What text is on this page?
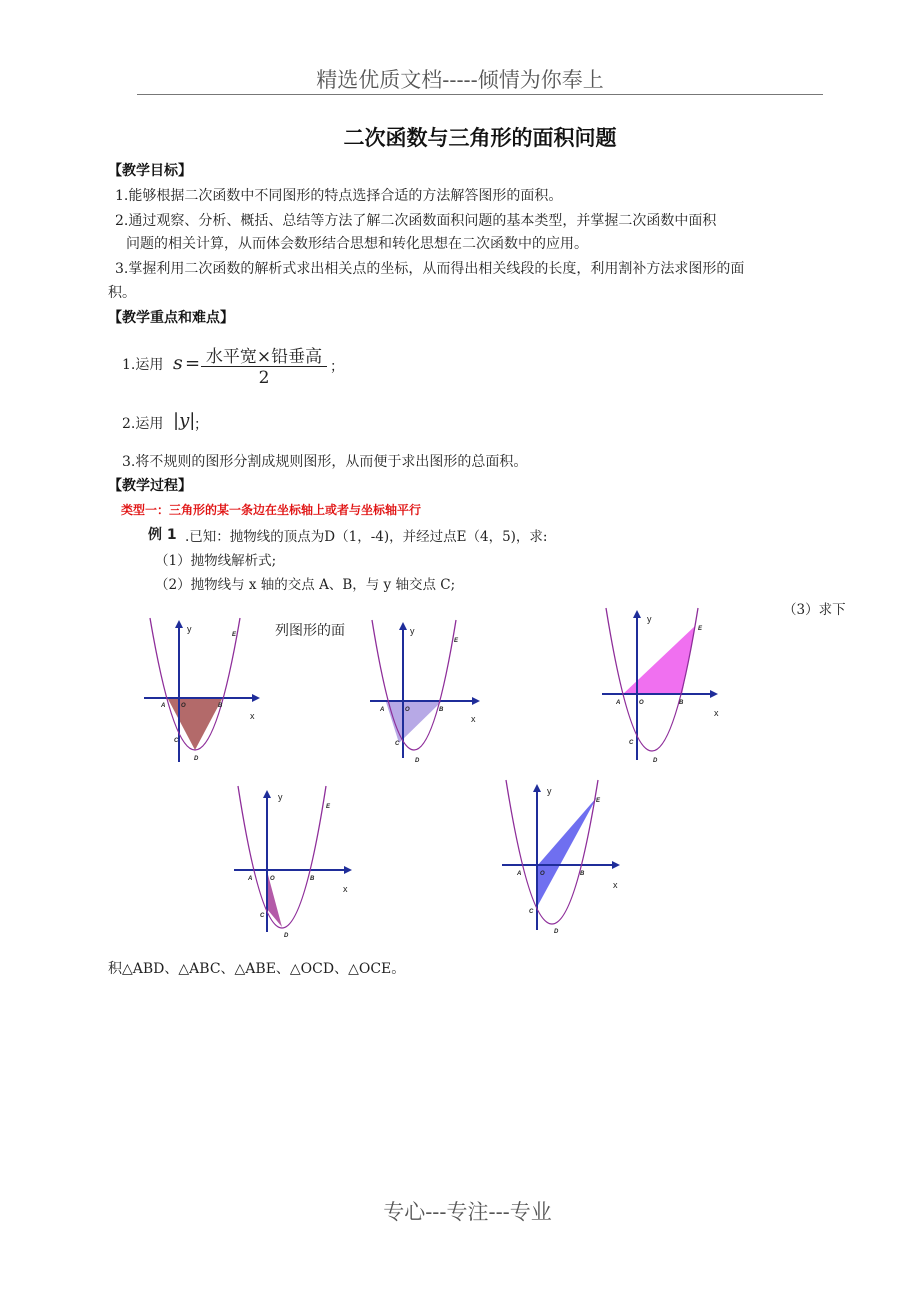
精选优质文档-----倾情为你奉上
二次函数与三角形的面积问题
【教学目标】
1.能够根据二次函数中不同图形的特点选择合适的方法解答图形的面积。
2.通过观察、分析、概括、总结等方法了解二次函数面积问题的基本类型，并掌握二次函数中面积
问题的相关计算，从而体会数形结合思想和转化思想在二次函数中的应用。
3.掌握利用二次函数的解析式求出相关点的坐标，从而得出相关线段的长度，利用割补方法求图形的面
积。
【教学重点和难点】
1.运用 s = 水平宽×铅垂高
2
；
2.运用 |y|
；
3.将不规则的图形分割成规则图形，从而便于求出图形的总面积。
【教学过程】
类型一：三角形的某一条边在坐标轴上或者与坐标轴平行
例 1 .已知：抛物线的顶点为D（1，-4)，并经过点E（4，5)，求:
（1）抛物线解析式;
（2）抛物线与 x 轴的交点 A、B，与 y 轴交点 C;
（3）求下
列图形的面
y
x
A	O	B
C
D
E	y
x
A	O	B
C
D
E
y
x
A	O	B
C
D
E
y
x
A	O	B
C
D
E
y
x
A	O	B
C
D
E
积△ABD、△ABC、△ABE、△OCD、△OCE。
专心---专注---专业
